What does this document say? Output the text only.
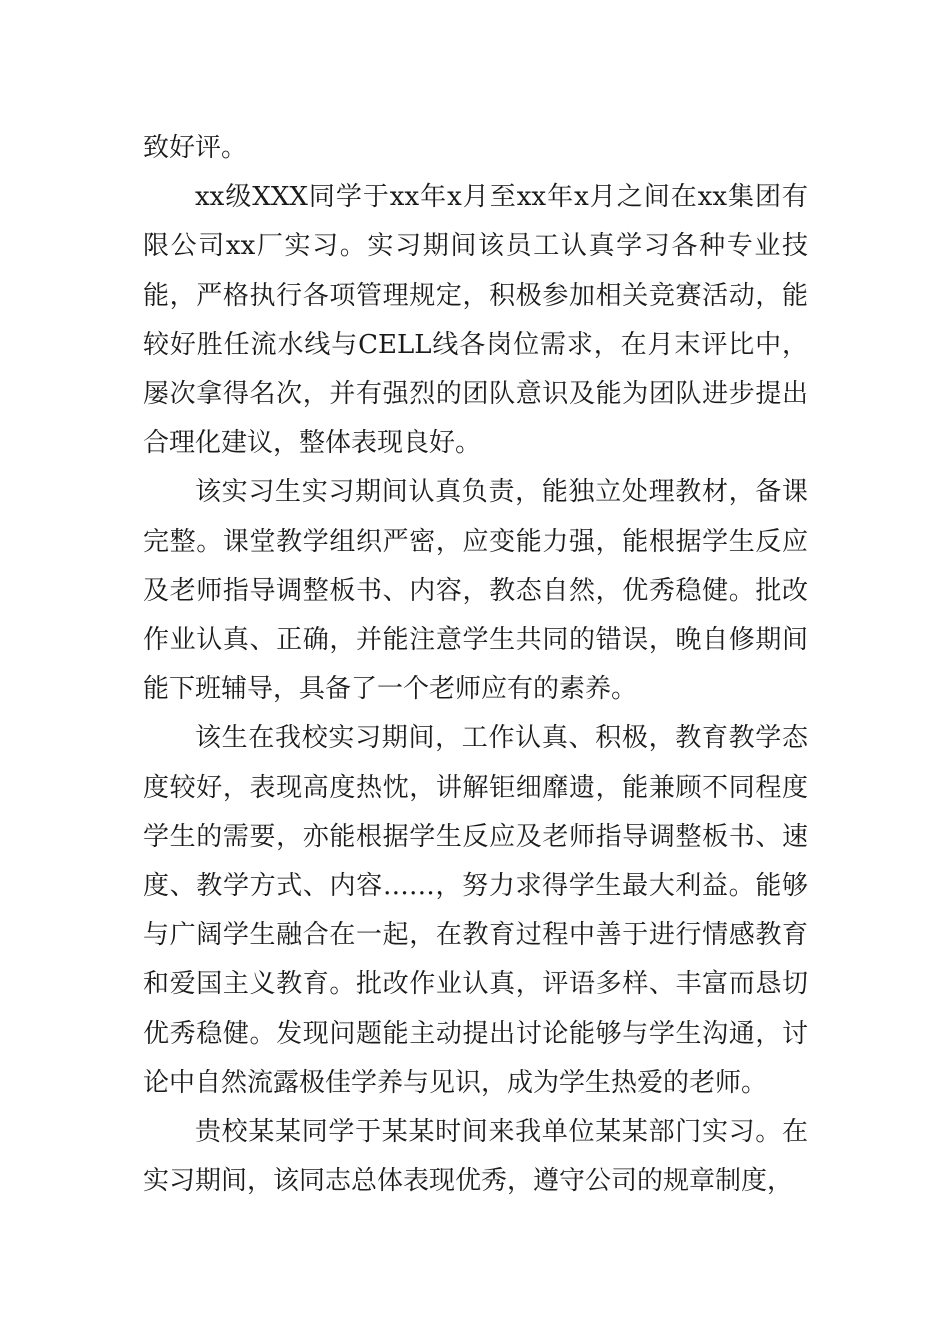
致好评。

xx级XXX同学于xx年x月至xx年x月之间在xx集团有限公司xx厂实习。实习期间该员工认真学习各种专业技能，严格执行各项管理规定，积极参加相关竞赛活动，能较好胜任流水线与CELL线各岗位需求，在月末评比中，屡次拿得名次，并有强烈的团队意识及能为团队进步提出合理化建议，整体表现良好。

该实习生实习期间认真负责，能独立处理教材，备课完整。课堂教学组织严密，应变能力强，能根据学生反应及老师指导调整板书、内容，教态自然，优秀稳健。批改作业认真、正确，并能注意学生共同的错误，晚自修期间能下班辅导，具备了一个老师应有的素养。

该生在我校实习期间，工作认真、积极，教育教学态度较好，表现高度热忱，讲解钜细靡遗，能兼顾不同程度学生的需要，亦能根据学生反应及老师指导调整板书、速度、教学方式、内容……，努力求得学生最大利益。能够与广阔学生融合在一起，在教育过程中善于进行情感教育和爱国主义教育。批改作业认真，评语多样、丰富而恳切优秀稳健。发现问题能主动提出讨论能够与学生沟通，讨论中自然流露极佳学养与见识，成为学生热爱的老师。

贵校某某同学于某某时间来我单位某某部门实习。在实习期间，该同志总体表现优秀，遵守公司的规章制度，
